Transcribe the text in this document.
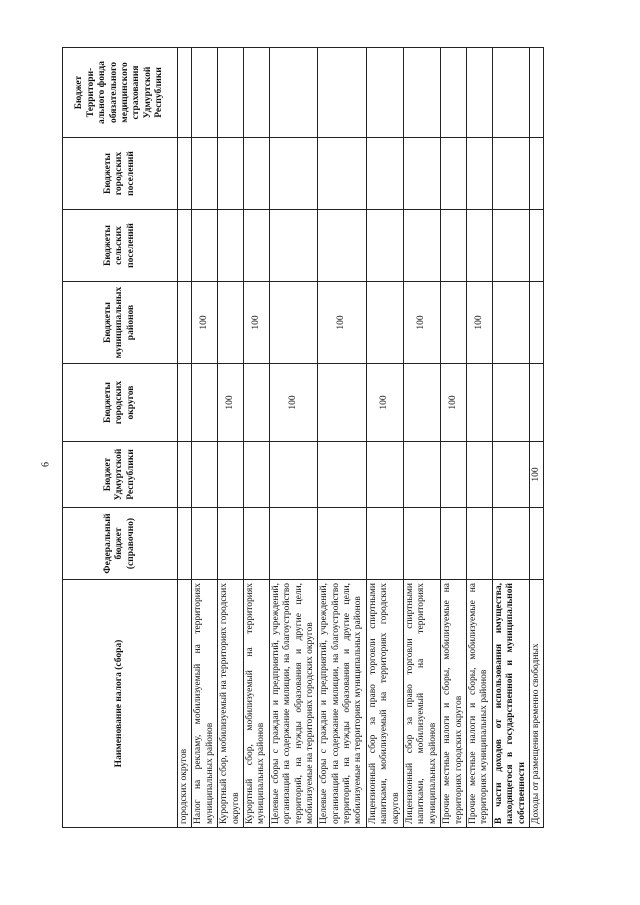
6
Наименование налога (сбора)	Федеральный бюджет (справочно)	Бюджет Удмуртской Республики	Бюджеты городских округов	Бюджеты муниципальных районов	Бюджеты сельских поселений	Бюджеты городских поселений	Бюджет Территори-ального фонда обязательного медицинского страхования Удмуртской Республики
городских округов							
Налог на рекламу, мобилизуемый на территориях муниципальных районов				100			
Курортный сбор, мобилизуемый на территориях городских округов			100				
Курортный сбор, мобилизуемый на территориях муниципальных районов				100			
Целевые сборы с граждан и предприятий, учреждений, организаций на содержание милиции, на благоустройство территорий, на нужды образования и другие цели, мобилизуемые на территориях городских округов			100				
Целевые сборы с граждан и предприятий, учреждений, организаций на содержание милиции, на благоустройство территорий, на нужды образования и другие цели, мобилизуемые на территориях муниципальных районов				100			
Лицензионный сбор за право торговли спиртными напитками, мобилизуемый на территориях городских округов			100				
Лицензионный сбор за право торговли спиртными напитками, мобилизуемый на территориях муниципальных районов				100			
Прочие местные налоги и сборы, мобилизуемые на территориях городских округов			100				
Прочие местные налоги и сборы, мобилизуемые на территориях муниципальных районов				100			
В части доходов от использования имущества, находящегося в государственной и муниципальной собственности							
Доходы от размещения временно свободных		100					
